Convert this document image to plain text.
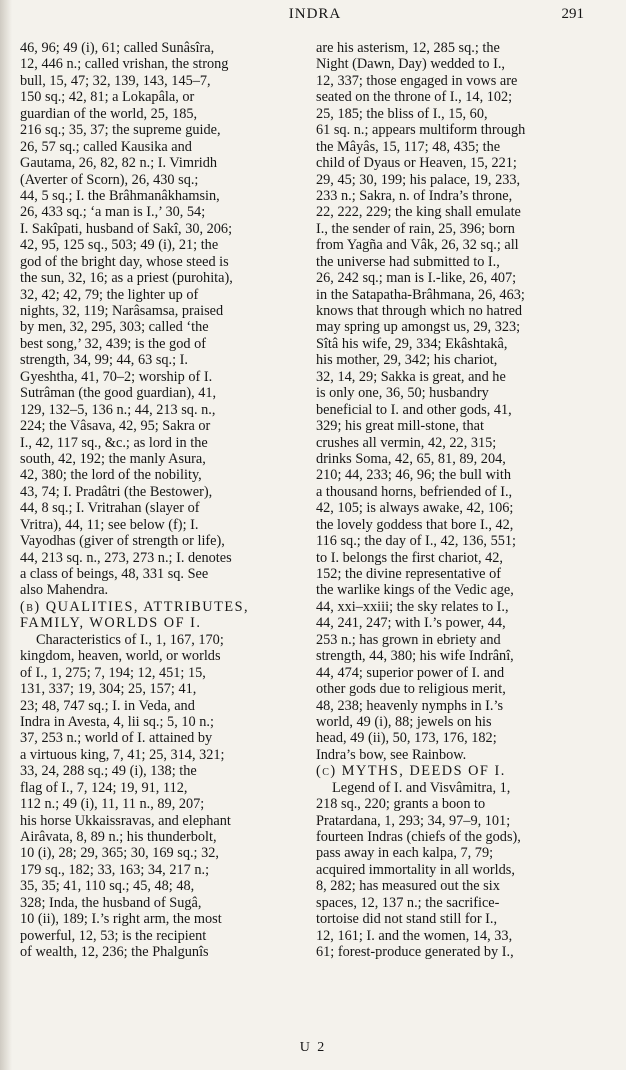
INDRA	291
46, 96; 49 (i), 61; called Sunâsîra,
12, 446 n.; called vrishan, the strong
bull, 15, 47; 32, 139, 143, 145–7,
150 sq.; 42, 81; a Lokapâla, or
guardian of the world, 25, 185,
216 sq.; 35, 37; the supreme guide,
26, 57 sq.; called Kausika and
Gautama, 26, 82, 82 n.; I. Vimridh
(Averter of Scorn), 26, 430 sq.;
44, 5 sq.; I. the Brâhmanâkhamsin,
26, 433 sq.; ‘a man is I.,’ 30, 54;
I. Sakîpati, husband of Sakî, 30, 206;
42, 95, 125 sq., 503; 49 (i), 21; the
god of the bright day, whose steed is
the sun, 32, 16; as a priest (purohita),
32, 42; 42, 79; the lighter up of
nights, 32, 119; Narâsamsa, praised
by men, 32, 295, 303; called ‘the
best song,’ 32, 439; is the god of
strength, 34, 99; 44, 63 sq.; I.
Gyeshtha, 41, 70–2; worship of I.
Sutrâman (the good guardian), 41,
129, 132–5, 136 n.; 44, 213 sq. n.,
224; the Vâsava, 42, 95; Sakra or
I., 42, 117 sq., &c.; as lord in the
south, 42, 192; the manly Asura,
42, 380; the lord of the nobility,
43, 74; I. Pradâtri (the Bestower),
44, 8 sq.; I. Vritrahan (slayer of
Vritra), 44, 11; see below (f); I.
Vayodhas (giver of strength or life),
44, 213 sq. n., 273, 273 n.; I. denotes
a class of beings, 48, 331 sq. See
also Mahendra.
(b) QUALITIES, ATTRIBUTES,
FAMILY, WORLDS OF I.
Characteristics of I., 1, 167, 170;
kingdom, heaven, world, or worlds
of I., 1, 275; 7, 194; 12, 451; 15,
131, 337; 19, 304; 25, 157; 41,
23; 48, 747 sq.; I. in Veda, and
Indra in Avesta, 4, lii sq.; 5, 10 n.;
37, 253 n.; world of I. attained by
a virtuous king, 7, 41; 25, 314, 321;
33, 24, 288 sq.; 49 (i), 138; the
flag of I., 7, 124; 19, 91, 112,
112 n.; 49 (i), 11, 11 n., 89, 207;
his horse Ukkaissravas, and elephant
Airâvata, 8, 89 n.; his thunderbolt,
10 (i), 28; 29, 365; 30, 169 sq.; 32,
179 sq., 182; 33, 163; 34, 217 n.;
35, 35; 41, 110 sq.; 45, 48; 48,
328; Inda, the husband of Sugâ,
10 (ii), 189; I.’s right arm, the most
powerful, 12, 53; is the recipient
of wealth, 12, 236; the Phalgunîs
are his asterism, 12, 285 sq.; the
Night (Dawn, Day) wedded to I.,
12, 337; those engaged in vows are
seated on the throne of I., 14, 102;
25, 185; the bliss of I., 15, 60,
61 sq. n.; appears multiform through
the Mâyâs, 15, 117; 48, 435; the
child of Dyaus or Heaven, 15, 221;
29, 45; 30, 199; his palace, 19, 233,
233 n.; Sakra, n. of Indra’s throne,
22, 222, 229; the king shall emulate
I., the sender of rain, 25, 396; born
from Yagña and Vâk, 26, 32 sq.; all
the universe had submitted to I.,
26, 242 sq.; man is I.-like, 26, 407;
in the Satapatha-Brâhmana, 26, 463;
knows that through which no hatred
may spring up amongst us, 29, 323;
Sîtâ his wife, 29, 334; Ekâshtakâ,
his mother, 29, 342; his chariot,
32, 14, 29; Sakka is great, and he
is only one, 36, 50; husbandry
beneficial to I. and other gods, 41,
329; his great mill-stone, that
crushes all vermin, 42, 22, 315;
drinks Soma, 42, 65, 81, 89, 204,
210; 44, 233; 46, 96; the bull with
a thousand horns, befriended of I.,
42, 105; is always awake, 42, 106;
the lovely goddess that bore I., 42,
116 sq.; the day of I., 42, 136, 551;
to I. belongs the first chariot, 42,
152; the divine representative of
the warlike kings of the Vedic age,
44, xxi–xxiii; the sky relates to I.,
44, 241, 247; with I.’s power, 44,
253 n.; has grown in ebriety and
strength, 44, 380; his wife Indrânî,
44, 474; superior power of I. and
other gods due to religious merit,
48, 238; heavenly nymphs in I.’s
world, 49 (i), 88; jewels on his
head, 49 (ii), 50, 173, 176, 182;
Indra’s bow, see Rainbow.
(c) MYTHS, DEEDS OF I.
Legend of I. and Visvâmitra, 1,
218 sq., 220; grants a boon to
Pratardana, 1, 293; 34, 97–9, 101;
fourteen Indras (chiefs of the gods),
pass away in each kalpa, 7, 79;
acquired immortality in all worlds,
8, 282; has measured out the six
spaces, 12, 137 n.; the sacrifice-
tortoise did not stand still for I.,
12, 161; I. and the women, 14, 33,
61; forest-produce generated by I.,
U 2
